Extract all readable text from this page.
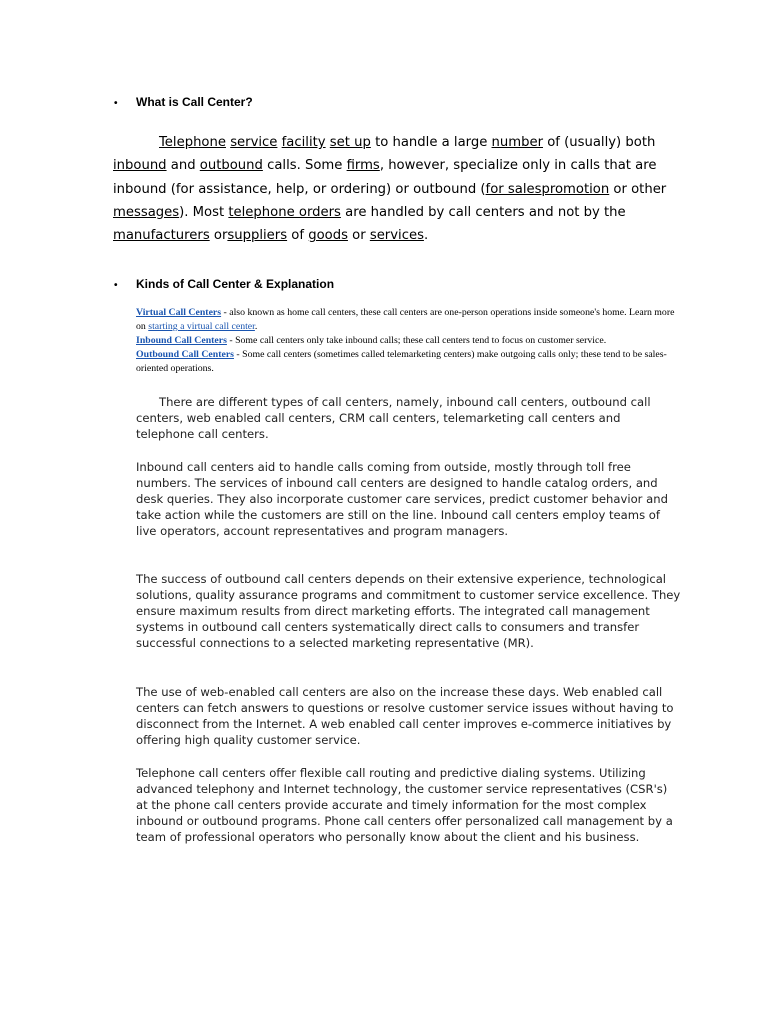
• What is Call Center?
Telephone service facility set up to handle a large number of (usually) both inbound and outbound calls. Some firms, however, specialize only in calls that are inbound (for assistance, help, or ordering) or outbound (for salespromotion or other messages). Most telephone orders are handled by call centers and not by the manufacturers orsuppliers of goods or services.
• Kinds of Call Center & Explanation
Virtual Call Centers - also known as home call centers, these call centers are one-person operations inside someone's home. Learn more on starting a virtual call center.
Inbound Call Centers - Some call centers only take inbound calls; these call centers tend to focus on customer service.
Outbound Call Centers - Some call centers (sometimes called telemarketing centers) make outgoing calls only; these tend to be sales-oriented operations.

There are different types of call centers, namely, inbound call centers, outbound call centers, web enabled call centers, CRM call centers, telemarketing call centers and telephone call centers.

Inbound call centers aid to handle calls coming from outside, mostly through toll free numbers. The services of inbound call centers are designed to handle catalog orders, and desk queries. They also incorporate customer care services, predict customer behavior and take action while the customers are still on the line. Inbound call centers employ teams of live operators, account representatives and program managers.

The success of outbound call centers depends on their extensive experience, technological solutions, quality assurance programs and commitment to customer service excellence. They ensure maximum results from direct marketing efforts. The integrated call management systems in outbound call centers systematically direct calls to consumers and transfer successful connections to a selected marketing representative (MR).

The use of web-enabled call centers are also on the increase these days. Web enabled call centers can fetch answers to questions or resolve customer service issues without having to disconnect from the Internet. A web enabled call center improves e-commerce initiatives by offering high quality customer service.

Telephone call centers offer flexible call routing and predictive dialing systems. Utilizing advanced telephony and Internet technology, the customer service representatives (CSR's) at the phone call centers provide accurate and timely information for the most complex inbound or outbound programs. Phone call centers offer personalized call management by a team of professional operators who personally know about the client and his business.
